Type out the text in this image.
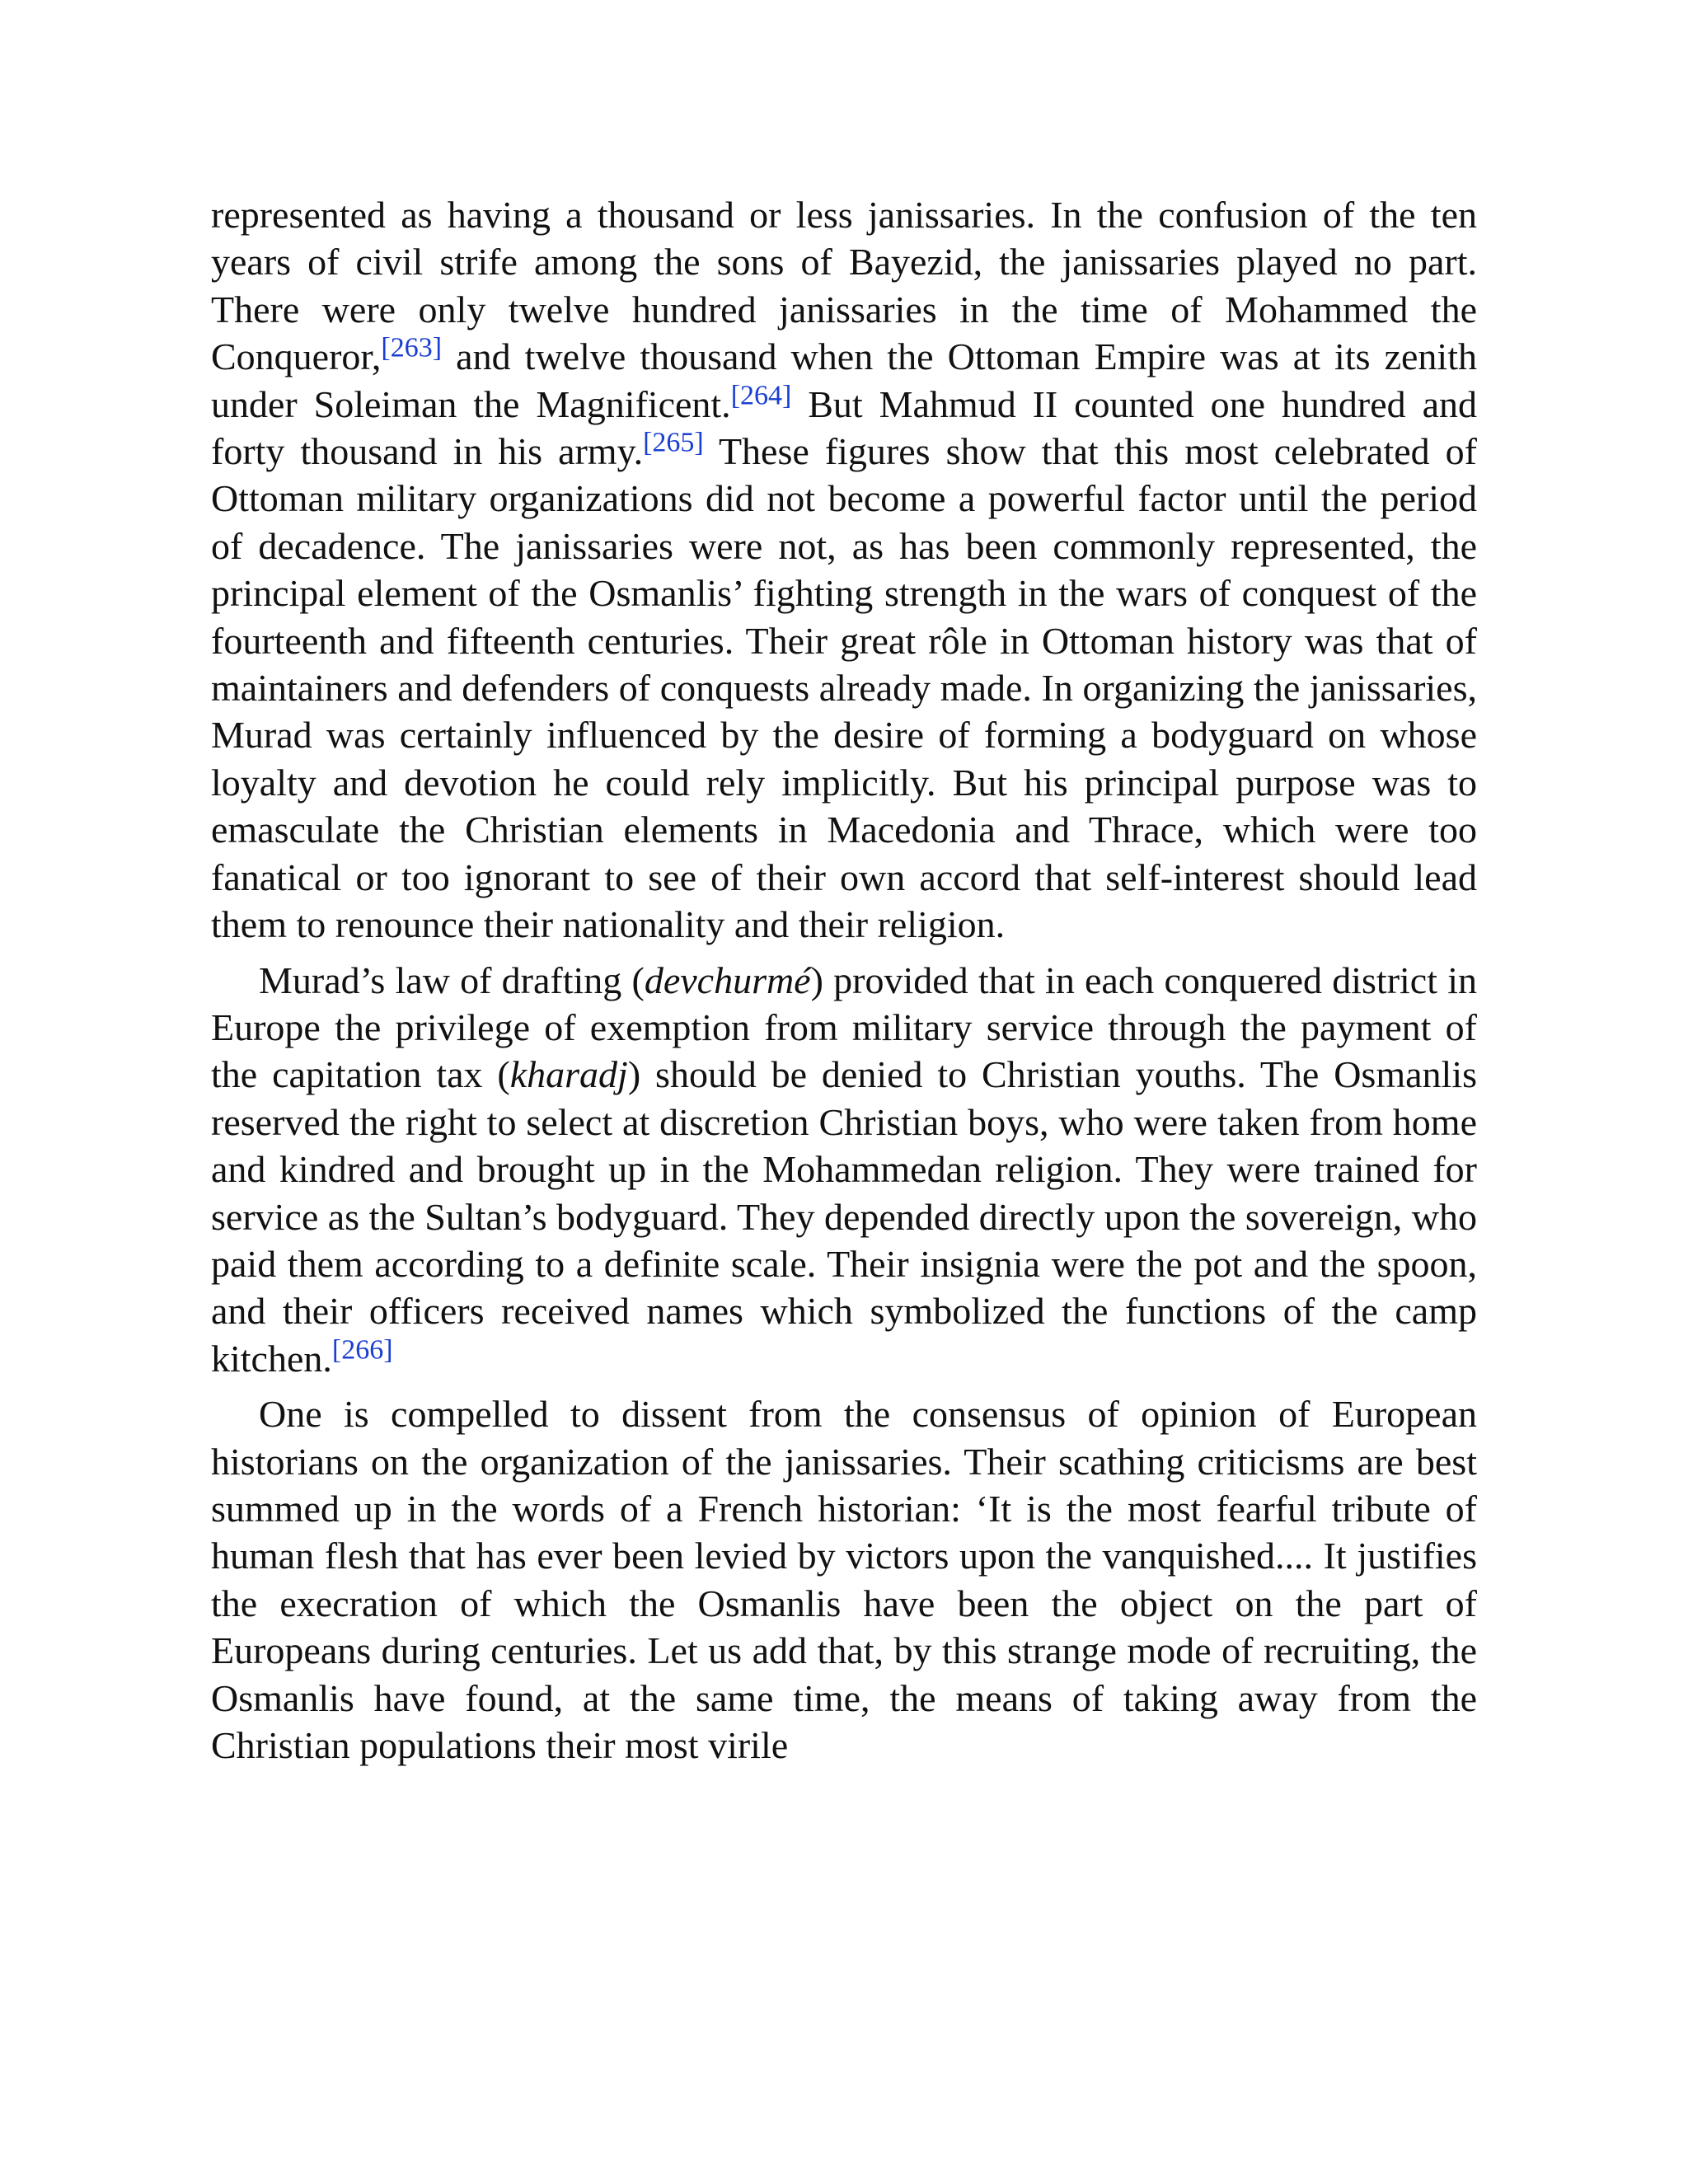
represented as having a thousand or less janissaries. In the confusion of the ten years of civil strife among the sons of Bayezid, the janissaries played no part. There were only twelve hundred janissaries in the time of Mohammed the Conqueror,[263] and twelve thousand when the Ottoman Empire was at its zenith under Soleiman the Magnificent.[264] But Mahmud II counted one hundred and forty thousand in his army.[265] These figures show that this most celebrated of Ottoman military organizations did not become a powerful factor until the period of decadence. The janissaries were not, as has been commonly represented, the principal element of the Osmanlis’ fighting strength in the wars of conquest of the fourteenth and fifteenth centuries. Their great rôle in Ottoman history was that of maintainers and defenders of conquests already made. In organizing the janissaries, Murad was certainly influenced by the desire of forming a bodyguard on whose loyalty and devotion he could rely implicitly. But his principal purpose was to emasculate the Christian elements in Macedonia and Thrace, which were too fanatical or too ignorant to see of their own accord that self-interest should lead them to renounce their nationality and their religion.

Murad’s law of drafting (devchurmé) provided that in each conquered district in Europe the privilege of exemption from military service through the payment of the capitation tax (kharadj) should be denied to Christian youths. The Osmanlis reserved the right to select at discretion Christian boys, who were taken from home and kindred and brought up in the Mohammedan religion. They were trained for service as the Sultan’s bodyguard. They depended directly upon the sovereign, who paid them according to a definite scale. Their insignia were the pot and the spoon, and their officers received names which symbolized the functions of the camp kitchen.[266]

One is compelled to dissent from the consensus of opinion of European historians on the organization of the janissaries. Their scathing criticisms are best summed up in the words of a French historian: ‘It is the most fearful tribute of human flesh that has ever been levied by victors upon the vanquished.... It justifies the execration of which the Osmanlis have been the object on the part of Europeans during centuries. Let us add that, by this strange mode of recruiting, the Osmanlis have found, at the same time, the means of taking away from the Christian populations their most virile
